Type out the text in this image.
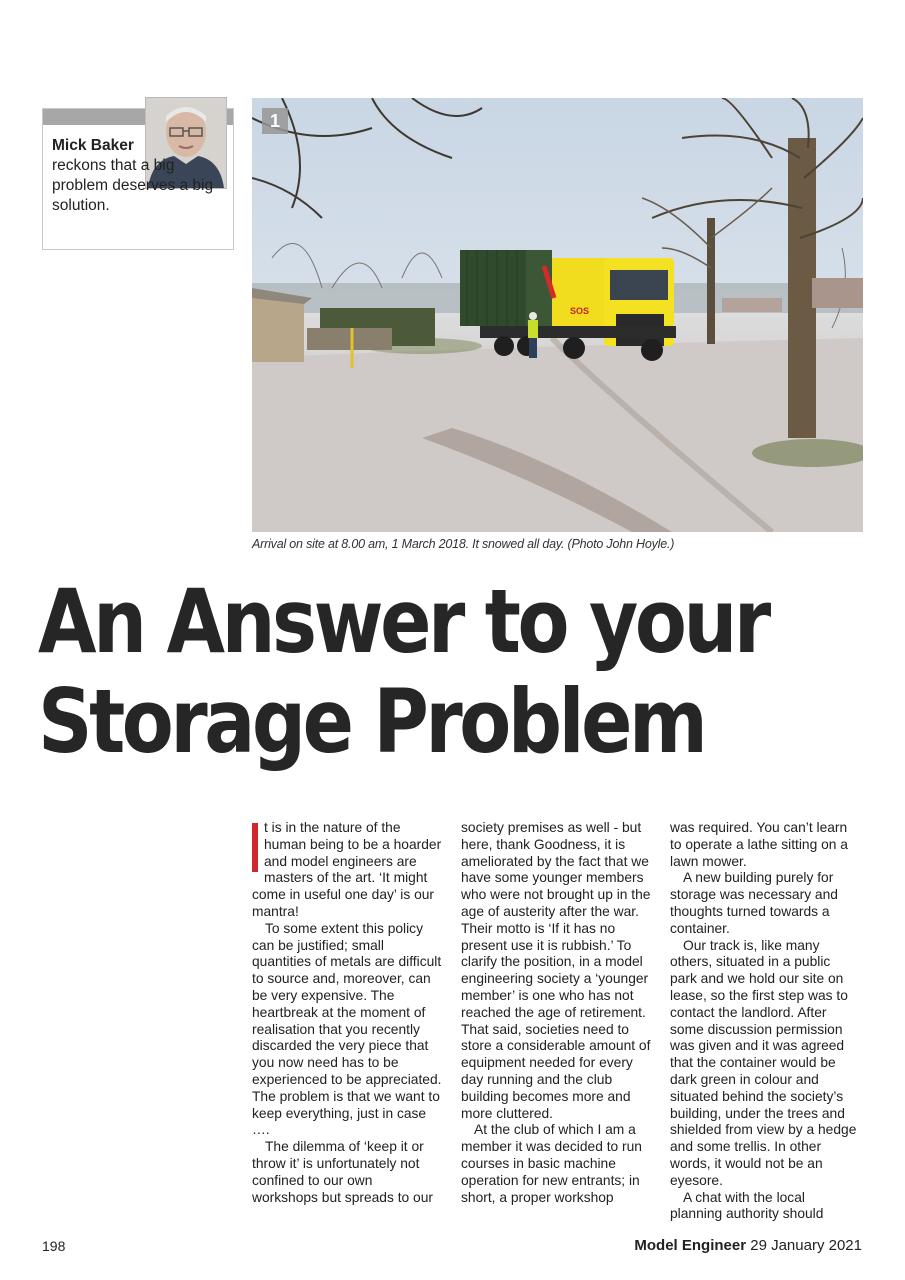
Mick Baker
reckons that a big problem deserves a big solution.
SOS
1
Arrival on site at 8.00 am, 1 March 2018. It snowed all day. (Photo John Hoyle.)
An Answer to your
Storage Problem

t is in the nature of the human being to be a hoarder and model engineers are masters of the art. ‘It might come in useful one day’ is our mantra!

To some extent this policy can be justified; small quantities of metals are difficult to source and, moreover, can be very expensive. The heartbreak at the moment of realisation that you recently discarded the very piece that you now need has to be experienced to be appreciated. The problem is that we want to keep everything, just in case ….

The dilemma of ‘keep it or throw it’ is unfortunately not confined to our own workshops but spreads to our

society premises as well - but here, thank Goodness, it is ameliorated by the fact that we have some younger members who were not brought up in the age of austerity after the war. Their motto is ‘If it has no present use it is rubbish.’ To clarify the position, in a model engineering society a ‘younger member’ is one who has not reached the age of retirement. That said, societies need to store a considerable amount of equipment needed for every day running and the club building becomes more and more cluttered.

At the club of which I am a member it was decided to run courses in basic machine operation for new entrants; in short, a proper workshop

was required. You can’t learn to operate a lathe sitting on a lawn mower.

A new building purely for storage was necessary and thoughts turned towards a container.

Our track is, like many others, situated in a public park and we hold our site on lease, so the first step was to contact the landlord. After some discussion permission was given and it was agreed that the container would be dark green in colour and situated behind the society’s building, under the trees and shielded from view by a hedge and some trellis. In other words, it would not be an eyesore.

A chat with the local planning authority should

198	Model Engineer 29 January 2021
